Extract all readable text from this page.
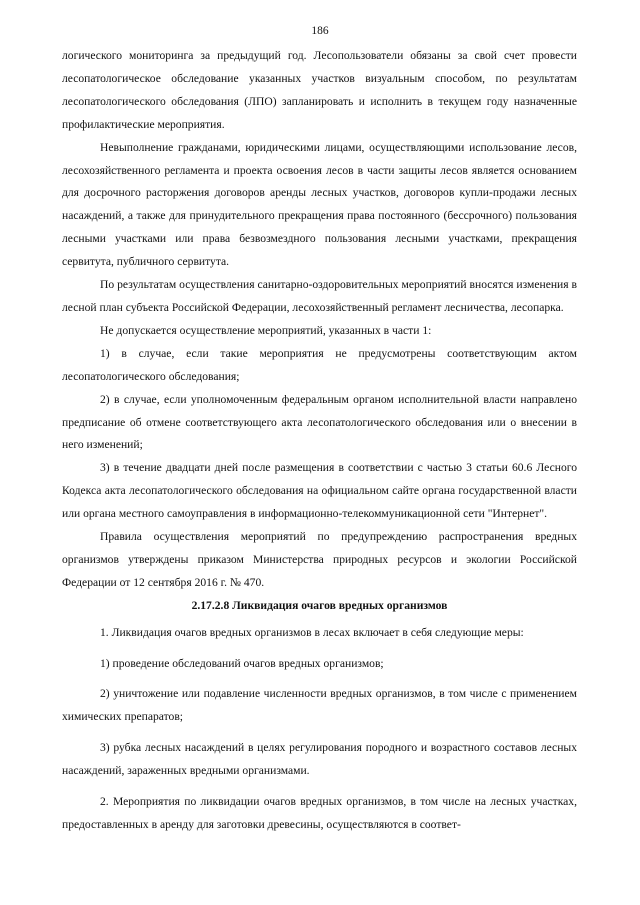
186

логического мониторинга за предыдущий год. Лесопользователи обязаны за свой счет провести лесопатологическое обследование указанных участков визуальным способом, по результатам лесопатологического обследования (ЛПО) запланировать и исполнить в текущем году назначенные профилактические мероприятия.

Невыполнение гражданами, юридическими лицами, осуществляющими использование лесов, лесохозяйственного регламента и проекта освоения лесов в части защиты лесов является основанием для досрочного расторжения договоров аренды лесных участков, договоров купли-продажи лесных насаждений, а также для принудительного прекращения права постоянного (бессрочного) пользования лесными участками или права безвозмездного пользования лесными участками, прекращения сервитута, публичного сервитута.

По результатам осуществления санитарно-оздоровительных мероприятий вносятся изменения в лесной план субъекта Российской Федерации, лесохозяйственный регламент лесничества, лесопарка.

Не допускается осуществление мероприятий, указанных в части 1:

1) в случае, если такие мероприятия не предусмотрены соответствующим актом лесопатологического обследования;

2) в случае, если уполномоченным федеральным органом исполнительной власти направлено предписание об отмене соответствующего акта лесопатологического обследования или о внесении в него изменений;

3) в течение двадцати дней после размещения в соответствии с частью 3 статьи 60.6 Лесного Кодекса акта лесопатологического обследования на официальном сайте органа государственной власти или органа местного самоуправления в информационно-телекоммуникационной сети "Интернет".

Правила осуществления мероприятий по предупреждению распространения вредных организмов утверждены приказом Министерства природных ресурсов и экологии Российской Федерации от 12 сентября 2016 г. № 470.

2.17.2.8 Ликвидация очагов вредных организмов

1. Ликвидация очагов вредных организмов в лесах включает в себя следующие меры:

1) проведение обследований очагов вредных организмов;

2) уничтожение или подавление численности вредных организмов, в том числе с применением химических препаратов;

3) рубка лесных насаждений в целях регулирования породного и возрастного составов лесных насаждений, зараженных вредными организмами.

2. Мероприятия по ликвидации очагов вредных организмов, в том числе на лесных участках, предоставленных в аренду для заготовки древесины, осуществляются в соответ-
